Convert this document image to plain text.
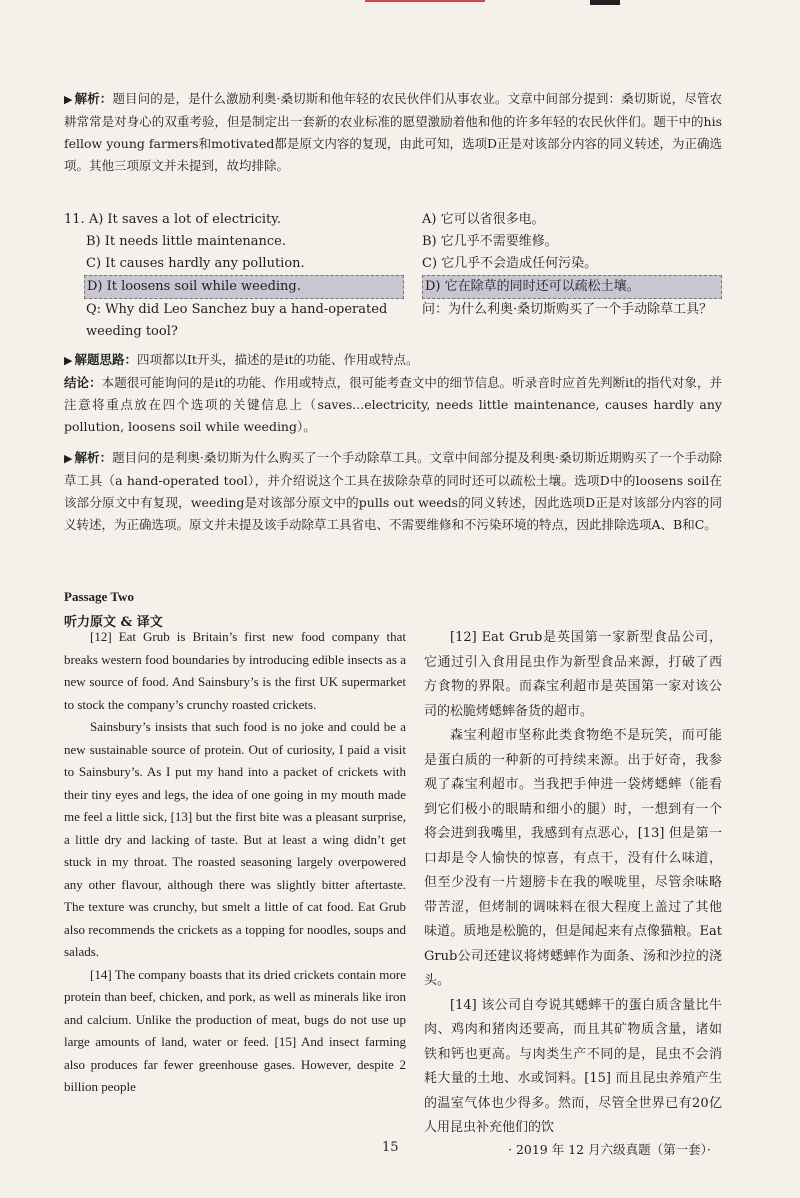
▶ 解析：题目问的是，是什么激励利奥·桑切斯和他年轻的农民伙伴们从事农业。文章中间部分提到：桑切斯说，尽管农耕常常是对身心的双重考验，但是制定出一套新的农业标准的愿望激励着他和他的许多年轻的农民伙伴们。题干中的his fellow young farmers和motivated都是原文内容的复现，由此可知，选项D正是对该部分内容的同义转述，为正确选项。其他三项原文并未提到，故均排除。
11. A) It saves a lot of electricity.
B) It needs little maintenance.
C) It causes hardly any pollution.
D) It loosens soil while weeding.
Q: Why did Leo Sanchez buy a hand-operated weeding tool?
A) 它可以省很多电。
B) 它几乎不需要维修。
C) 它几乎不会造成任何污染。
D) 它在除草的同时还可以疏松土壤。
问：为什么利奥·桑切斯购买了一个手动除草工具？
▶ 解题思路：四项都以It开头，描述的是it的功能、作用或特点。
结论：本题很可能询问的是it的功能、作用或特点，很可能考查文中的细节信息。听录音时应首先判断it的指代对象，并注意将重点放在四个选项的关键信息上（saves...electricity, needs little maintenance, causes hardly any pollution, loosens soil while weeding）。
▶ 解析：题目问的是利奥·桑切斯为什么购买了一个手动除草工具。文章中间部分提及利奥·桑切斯近期购买了一个手动除草工具（a hand-operated tool），并介绍说这个工具在拔除杂草的同时还可以疏松土壤。选项D中的loosens soil在该部分原文中有复现，weeding是对该部分原文中的pulls out weeds的同义转述，因此选项D正是对该部分内容的同义转述，为正确选项。原文并未提及该手动除草工具省电、不需要维修和不污染环境的特点，因此排除选项A、B和C。
Passage Two
听力原文 & 译文

[12] Eat Grub is Britain’s first new food company that breaks western food boundaries by introducing edible insects as a new source of food. And Sainsbury’s is the first UK supermarket to stock the company’s crunchy roasted crickets.

Sainsbury’s insists that such food is no joke and could be a new sustainable source of protein. Out of curiosity, I paid a visit to Sainsbury’s. As I put my hand into a packet of crickets with their tiny eyes and legs, the idea of one going in my mouth made me feel a little sick, [13] but the first bite was a pleasant surprise, a little dry and lacking of taste. But at least a wing didn’t get stuck in my throat. The roasted seasoning largely overpowered any other flavour, although there was slightly bitter aftertaste. The texture was crunchy, but smelt a little of cat food. Eat Grub also recommends the crickets as a topping for noodles, soups and salads.

[14] The company boasts that its dried crickets contain more protein than beef, chicken, and pork, as well as minerals like iron and calcium. Unlike the production of meat, bugs do not use up large amounts of land, water or feed. [15] And insect farming also produces far fewer greenhouse gases. However, despite 2 billion people

[12] Eat Grub是英国第一家新型食品公司，它通过引入食用昆虫作为新型食品来源，打破了西方食物的界限。而森宝利超市是英国第一家对该公司的松脆烤蟋蟀备货的超市。

森宝利超市坚称此类食物绝不是玩笑，而可能是蛋白质的一种新的可持续来源。出于好奇，我参观了森宝利超市。当我把手伸进一袋烤蟋蟀（能看到它们极小的眼睛和细小的腿）时，一想到有一个将会进到我嘴里，我感到有点恶心，[13] 但是第一口却是令人愉快的惊喜，有点干，没有什么味道，但至少没有一片翅膀卡在我的喉咙里，尽管余味略带苦涩，但烤制的调味料在很大程度上盖过了其他味道。质地是松脆的，但是闻起来有点像猫粮。Eat Grub公司还建议将烤蟋蟀作为面条、汤和沙拉的浇头。

[14] 该公司自夸说其蟋蟀干的蛋白质含量比牛肉、鸡肉和猪肉还要高，而且其矿物质含量，诸如铁和钙也更高。与肉类生产不同的是，昆虫不会消耗大量的土地、水或饲料。[15] 而且昆虫养殖产生的温室气体也少得多。然而，尽管全世界已有20亿人用昆虫补充他们的饮

15	· 2019 年 12 月六级真题（第一套）·
